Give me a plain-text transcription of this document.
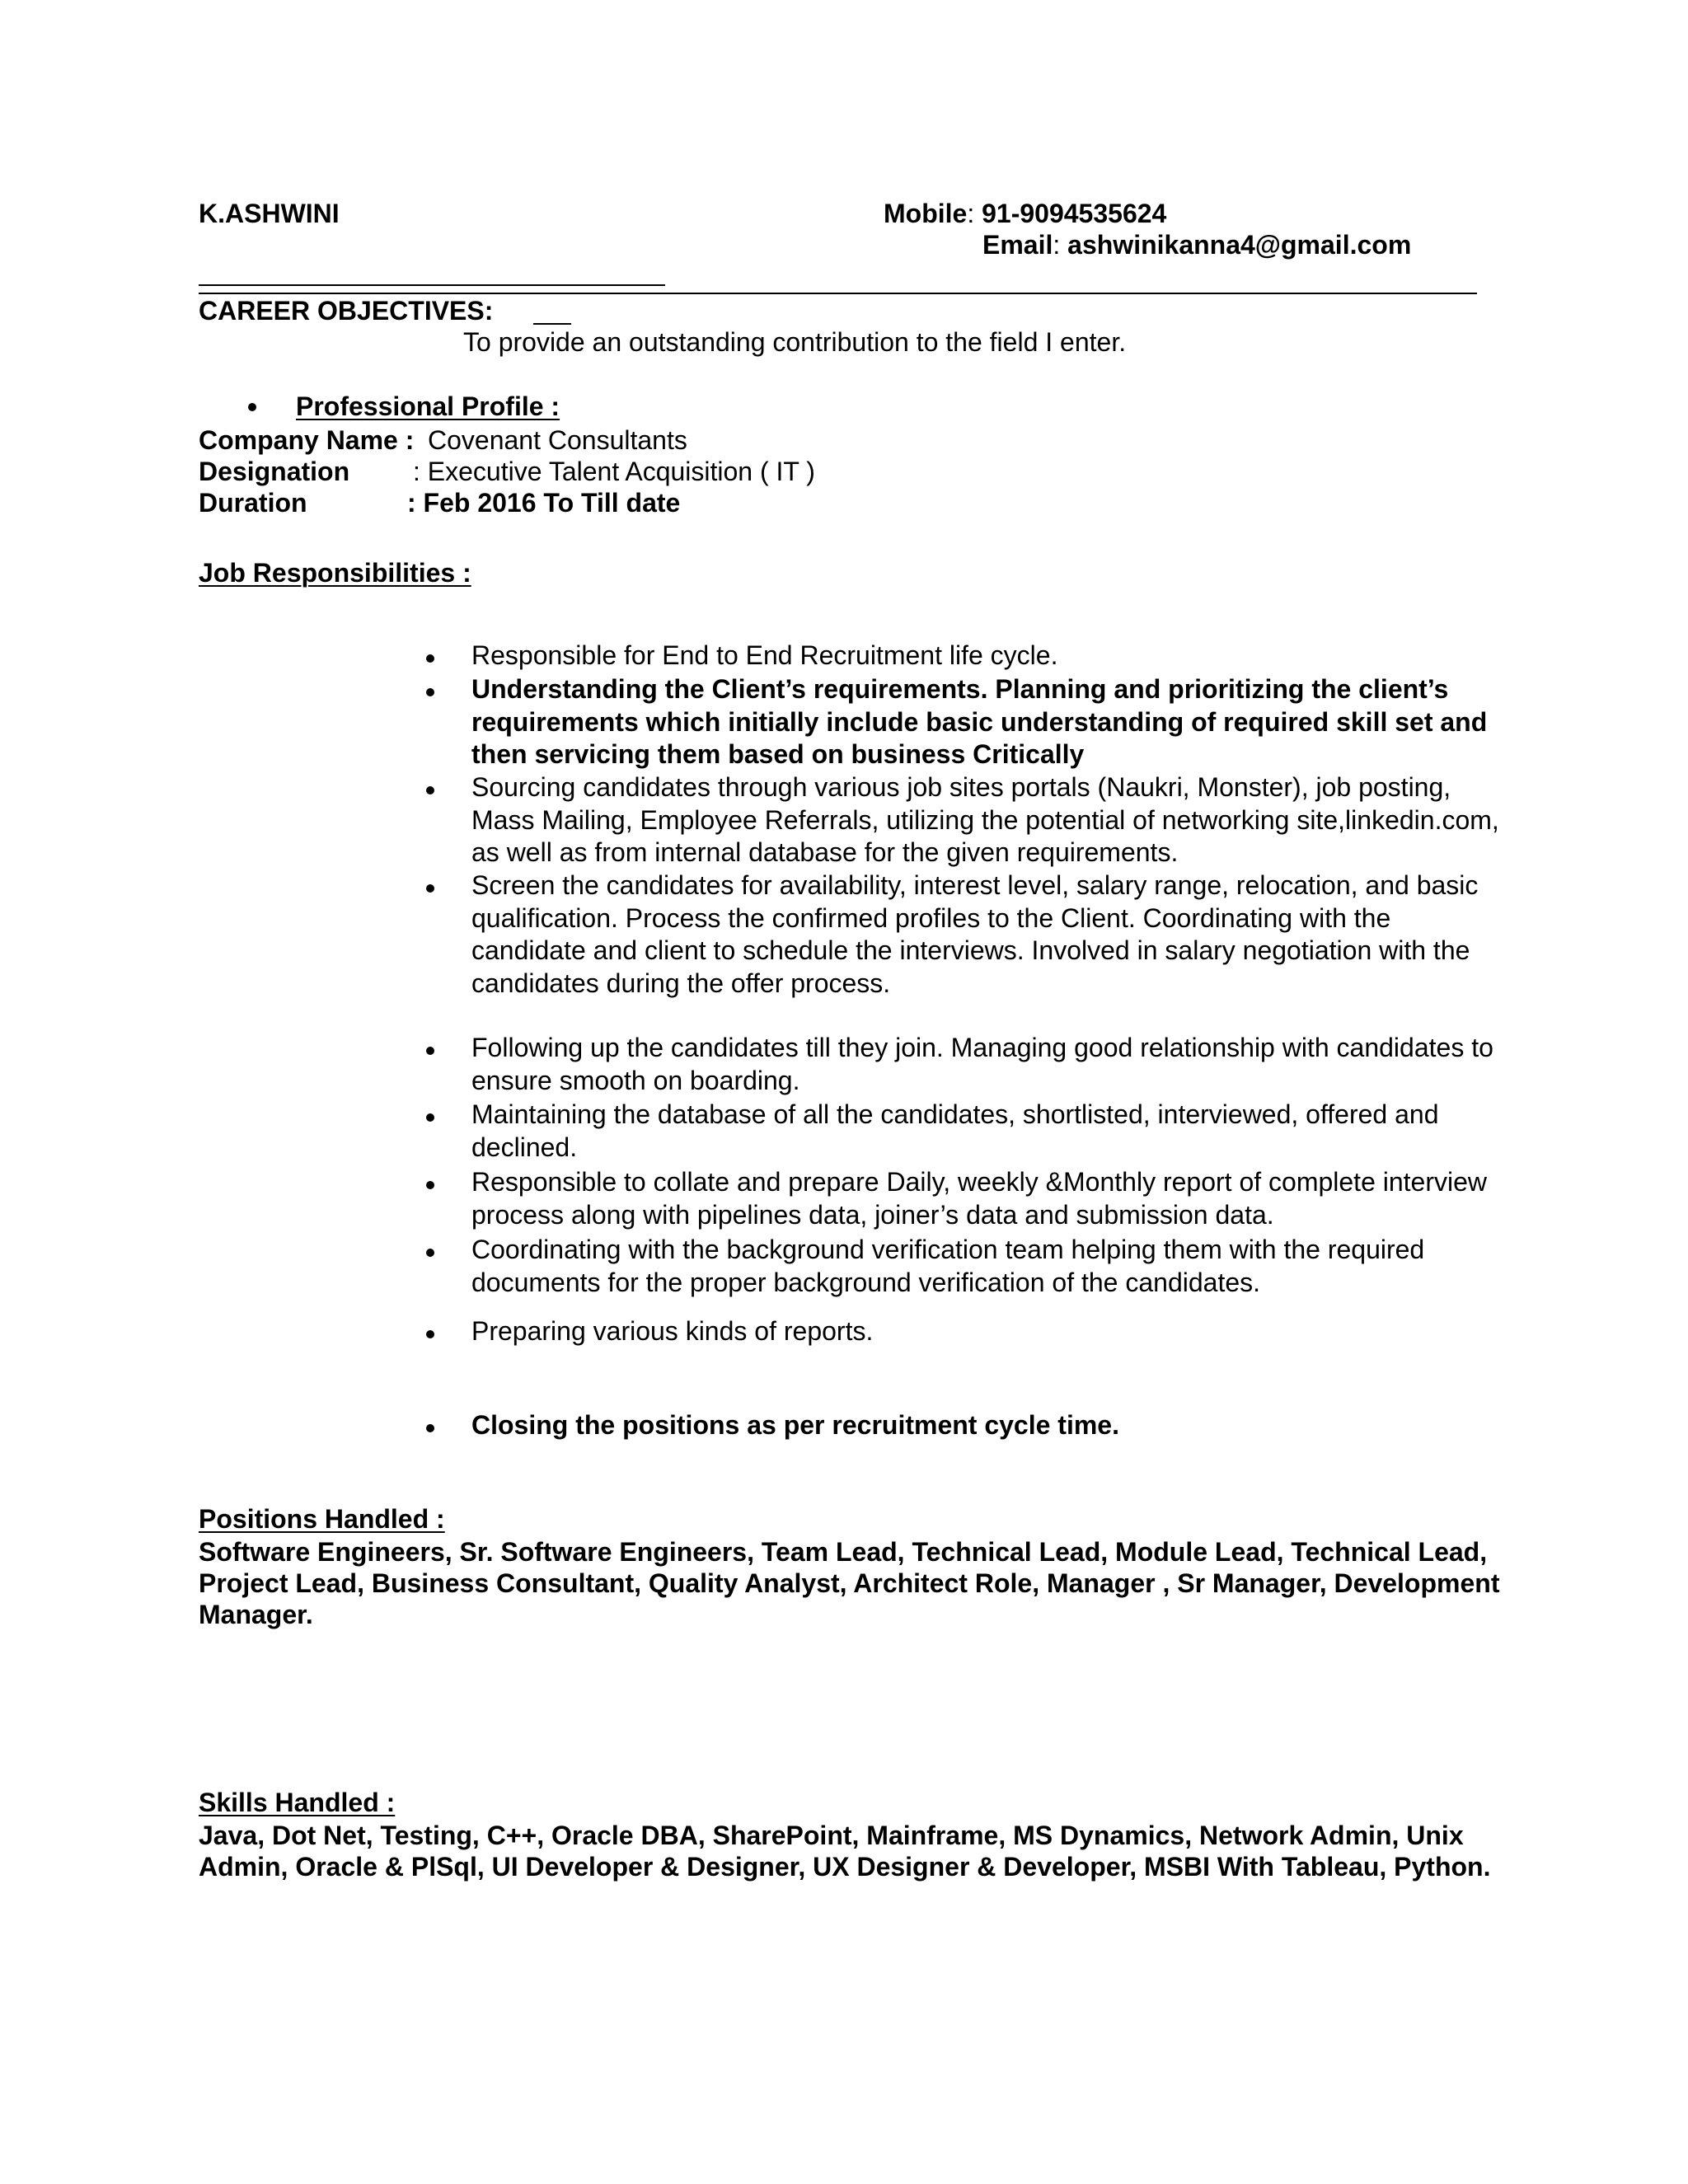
K.ASHWINI	Mobile: 91-9094535624
Email: ashwinikanna4@gmail.com
CAREER OBJECTIVES:
To provide an outstanding contribution to the field I enter.
Professional Profile :
Company Name : Covenant Consultants
Designation : Executive Talent Acquisition ( IT )
Duration	: Feb 2016 To Till date
Job Responsibilities :
Responsible for End to End Recruitment life cycle.
Understanding the Client’s requirements. Planning and prioritizing the client’s requirements which initially include basic understanding of required skill set and then servicing them based on business Critically
Sourcing candidates through various job sites portals (Naukri, Monster), job posting, Mass Mailing, Employee Referrals, utilizing the potential of networking site,linkedin.com, as well as from internal database for the given requirements.
Screen the candidates for availability, interest level, salary range, relocation, and basic qualification. Process the confirmed profiles to the Client. Coordinating with the candidate and client to schedule the interviews. Involved in salary negotiation with the candidates during the offer process.
Following up the candidates till they join. Managing good relationship with candidates to ensure smooth on boarding.
Maintaining the database of all the candidates, shortlisted, interviewed, offered and declined.
Responsible to collate and prepare Daily, weekly &Monthly report of complete interview process along with pipelines data, joiner’s data and submission data.
Coordinating with the background verification team helping them with the required documents for the proper background verification of the candidates.
Preparing various kinds of reports.
Closing the positions as per recruitment cycle time.
Positions Handled :
Software Engineers, Sr. Software Engineers, Team Lead, Technical Lead, Module Lead, Technical Lead, Project Lead, Business Consultant, Quality Analyst, Architect Role, Manager , Sr Manager, Development Manager.
Skills Handled :
Java, Dot Net, Testing, C++, Oracle DBA, SharePoint, Mainframe, MS Dynamics, Network Admin, Unix Admin, Oracle & PlSql, UI Developer & Designer, UX Designer & Developer, MSBI With Tableau, Python.
